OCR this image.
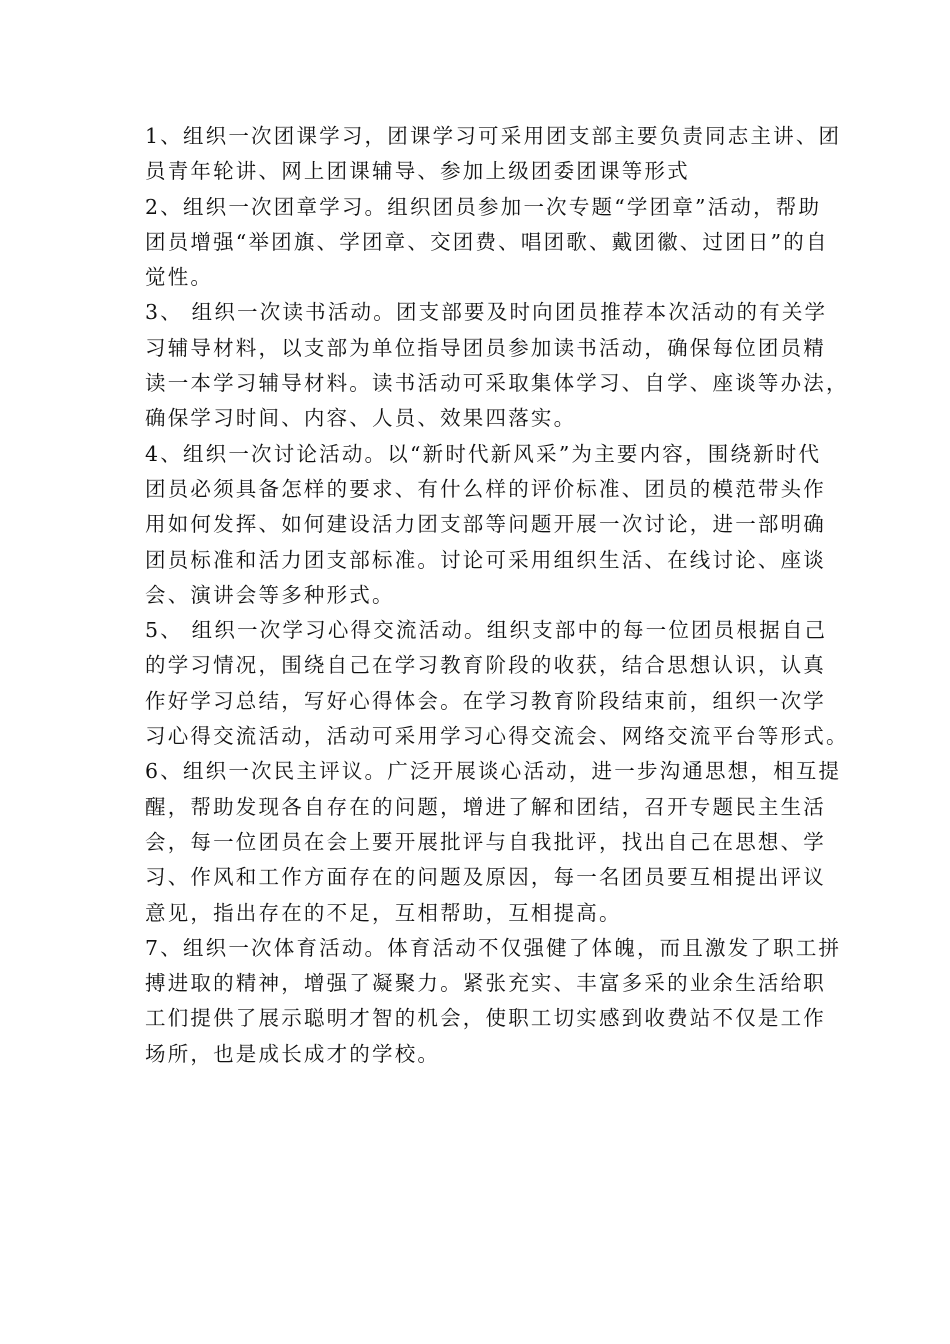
1、组织一次团课学习，团课学习可采用团支部主要负责同志主讲、团
员青年轮讲、网上团课辅导、参加上级团委团课等形式
2、组织一次团章学习。组织团员参加一次专题“学团章”活动，帮助
团员增强“举团旗、学团章、交团费、唱团歌、戴团徽、过团日”的自
觉性。
3、 组织一次读书活动。团支部要及时向团员推荐本次活动的有关学
习辅导材料，以支部为单位指导团员参加读书活动，确保每位团员精
读一本学习辅导材料。读书活动可采取集体学习、自学、座谈等办法，
确保学习时间、内容、人员、效果四落实。
4、组织一次讨论活动。以“新时代新风采”为主要内容，围绕新时代
团员必须具备怎样的要求、有什么样的评价标准、团员的模范带头作
用如何发挥、如何建设活力团支部等问题开展一次讨论，进一部明确
团员标准和活力团支部标准。讨论可采用组织生活、在线讨论、座谈
会、演讲会等多种形式。
5、 组织一次学习心得交流活动。组织支部中的每一位团员根据自己
的学习情况，围绕自己在学习教育阶段的收获，结合思想认识，认真
作好学习总结，写好心得体会。在学习教育阶段结束前，组织一次学
习心得交流活动，活动可采用学习心得交流会、网络交流平台等形式。
6、组织一次民主评议。广泛开展谈心活动，进一步沟通思想，相互提
醒，帮助发现各自存在的问题，增进了解和团结，召开专题民主生活
会，每一位团员在会上要开展批评与自我批评，找出自己在思想、学
习、作风和工作方面存在的问题及原因，每一名团员要互相提出评议
意见，指出存在的不足，互相帮助，互相提高。
7、组织一次体育活动。体育活动不仅强健了体魄，而且激发了职工拼
搏进取的精神，增强了凝聚力。紧张充实、丰富多采的业余生活给职
工们提供了展示聪明才智的机会，使职工切实感到收费站不仅是工作
场所，也是成长成才的学校。
